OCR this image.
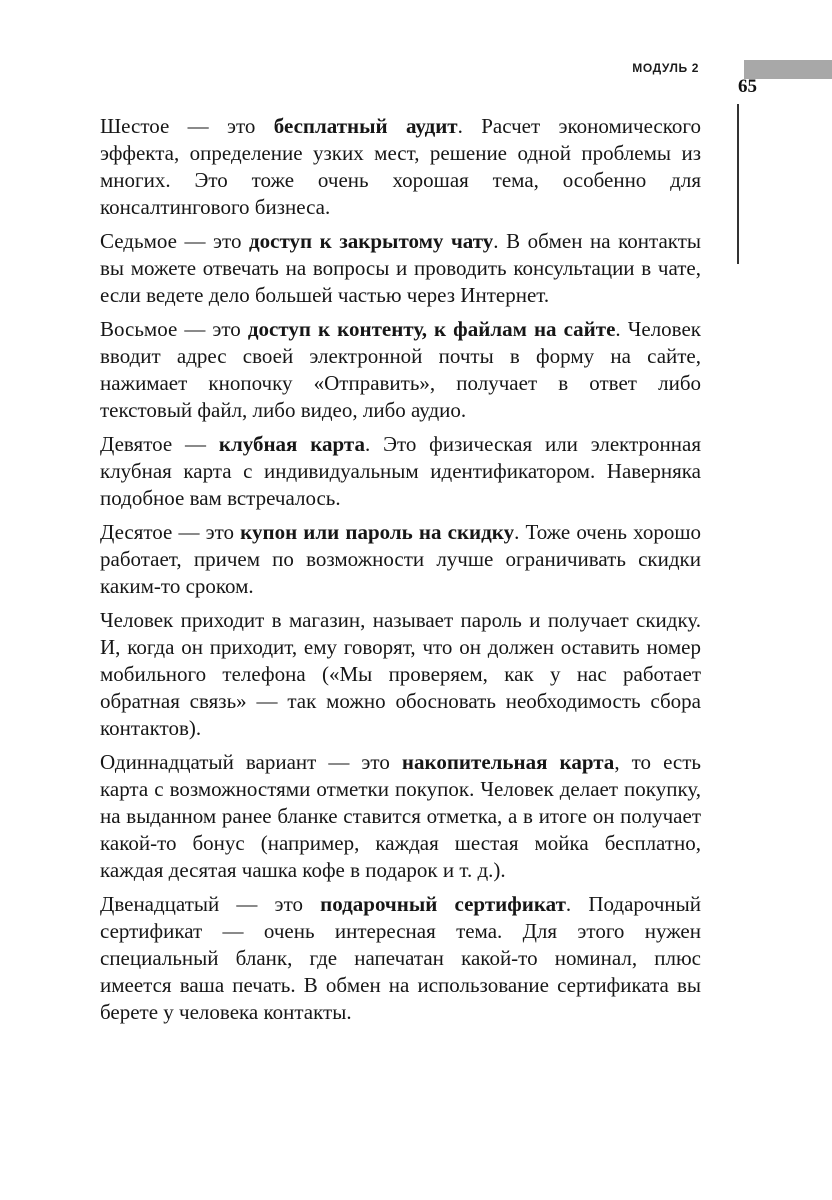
МОДУЛЬ 2
65

Шестое — это бесплатный аудит. Расчет экономического эффекта, определение узких мест, решение одной проблемы из многих. Это тоже очень хорошая тема, особенно для консалтингового бизнеса.

Седьмое — это доступ к закрытому чату. В обмен на контакты вы можете отвечать на вопросы и проводить консультации в чате, если ведете дело большей частью через Интернет.

Восьмое — это доступ к контенту, к файлам на сайте. Человек вводит адрес своей электронной почты в форму на сайте, нажимает кнопочку «Отправить», получает в ответ либо текстовый файл, либо видео, либо аудио.

Девятое — клубная карта. Это физическая или электронная клубная карта с индивидуальным идентификатором. Наверняка подобное вам встречалось.

Десятое — это купон или пароль на скидку. Тоже очень хорошо работает, причем по возможности лучше ограничивать скидки каким-то сроком.

Человек приходит в магазин, называет пароль и получает скидку. И, когда он приходит, ему говорят, что он должен оставить номер мобильного телефона («Мы проверяем, как у нас работает обратная связь» — так можно обосновать необходимость сбора контактов).

Одиннадцатый вариант — это накопительная карта, то есть карта с возможностями отметки покупок. Человек делает покупку, на выданном ранее бланке ставится отметка, а в итоге он получает какой-то бонус (например, каждая шестая мойка бесплатно, каждая десятая чашка кофе в подарок и т. д.).

Двенадцатый — это подарочный сертификат. Подарочный сертификат — очень интересная тема. Для этого нужен специальный бланк, где напечатан какой-то номинал, плюс имеется ваша печать. В обмен на использование сертификата вы берете у человека контакты.
